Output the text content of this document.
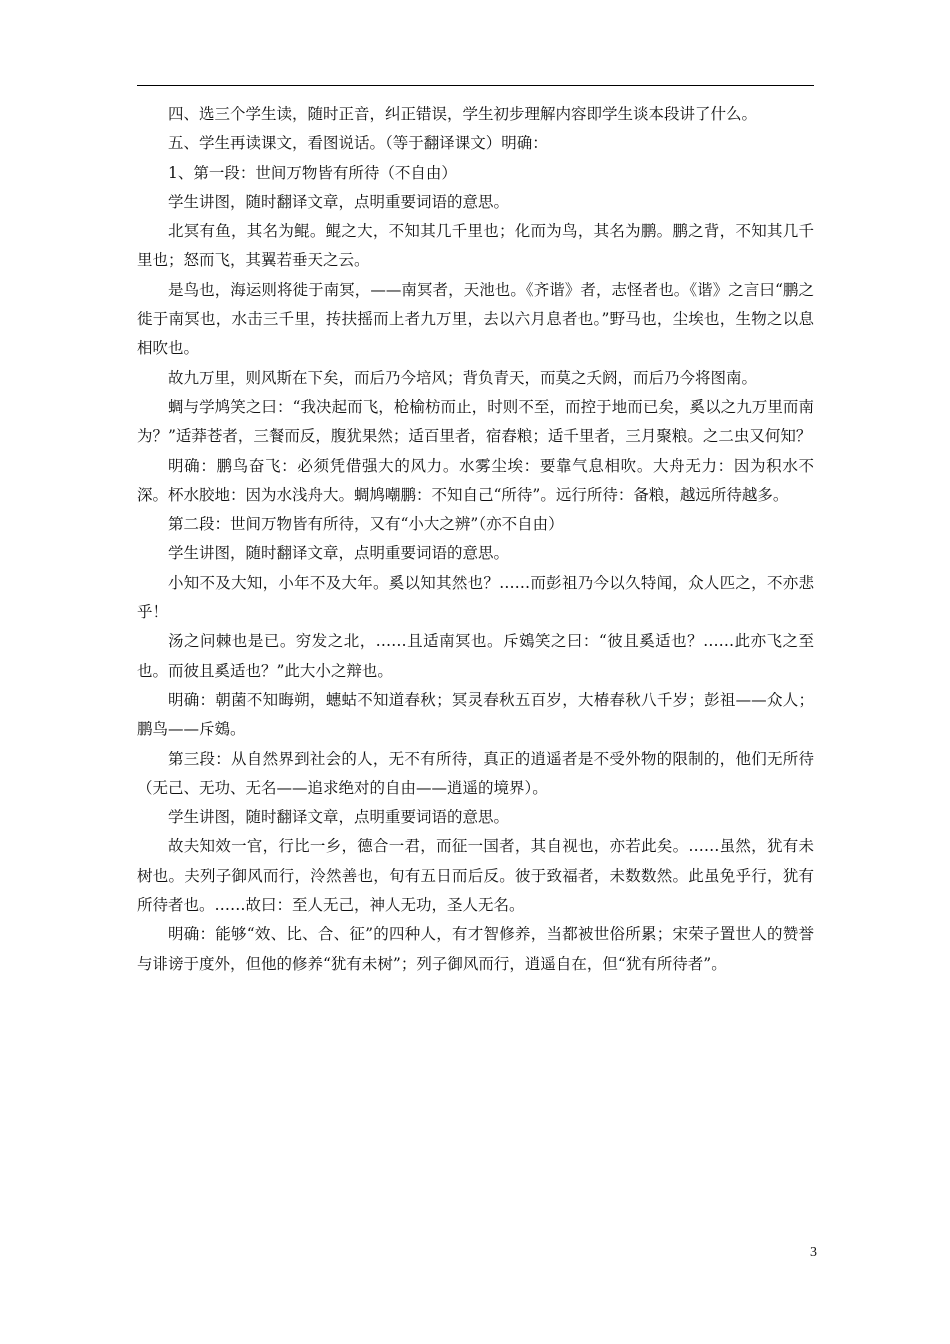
四、选三个学生读，随时正音，纠正错误，学生初步理解内容即学生谈本段讲了什么。

五、学生再读课文，看图说话。（等于翻译课文）明确：

1、第一段：世间万物皆有所待（不自由）

学生讲图，随时翻译文章，点明重要词语的意思。

北冥有鱼，其名为鲲。鲲之大，不知其几千里也；化而为鸟，其名为鹏。鹏之背，不知其几千里也；怒而飞，其翼若垂天之云。

是鸟也，海运则将徙于南冥，——南冥者，天池也。《齐谐》者，志怪者也。《谐》之言曰“鹏之徙于南冥也，水击三千里，抟扶摇而上者九万里，去以六月息者也。”野马也，尘埃也，生物之以息相吹也。

故九万里，则风斯在下矣，而后乃今培风；背负青天，而莫之夭阏，而后乃今将图南。

蜩与学鸠笑之曰：“我决起而飞，枪榆枋而止，时则不至，而控于地而已矣，奚以之九万里而南为？”适莽苍者，三餐而反，腹犹果然；适百里者，宿舂粮；适千里者，三月聚粮。之二虫又何知？

明确：鹏鸟奋飞：必须凭借强大的风力。水雾尘埃：要靠气息相吹。大舟无力：因为积水不深。杯水胶地：因为水浅舟大。蜩鸠嘲鹏：不知自己“所待”。远行所待：备粮，越远所待越多。

第二段：世间万物皆有所待，又有“小大之辨”（亦不自由）

学生讲图，随时翻译文章，点明重要词语的意思。

小知不及大知，小年不及大年。奚以知其然也？……而彭祖乃今以久特闻，众人匹之，不亦悲乎！

汤之问棘也是已。穷发之北，……且适南冥也。斥鴳笑之曰：“彼且奚适也？……此亦飞之至也。而彼且奚适也？”此大小之辩也。

明确：朝菌不知晦朔，蟪蛄不知道春秋；冥灵春秋五百岁，大椿春秋八千岁；彭祖——众人；鹏鸟——斥鴳。

第三段：从自然界到社会的人，无不有所待，真正的逍遥者是不受外物的限制的，他们无所待（无己、无功、无名——追求绝对的自由——逍遥的境界）。

学生讲图，随时翻译文章，点明重要词语的意思。

故夫知效一官，行比一乡，德合一君，而征一国者，其自视也，亦若此矣。……虽然，犹有未树也。夫列子御风而行，泠然善也，旬有五日而后反。彼于致福者，未数数然。此虽免乎行，犹有所待者也。……故曰：至人无己，神人无功，圣人无名。

明确：能够“效、比、合、征”的四种人，有才智修养，当都被世俗所累；宋荣子置世人的赞誉与诽谤于度外，但他的修养“犹有未树”；列子御风而行，逍遥自在，但“犹有所待者”。

3
